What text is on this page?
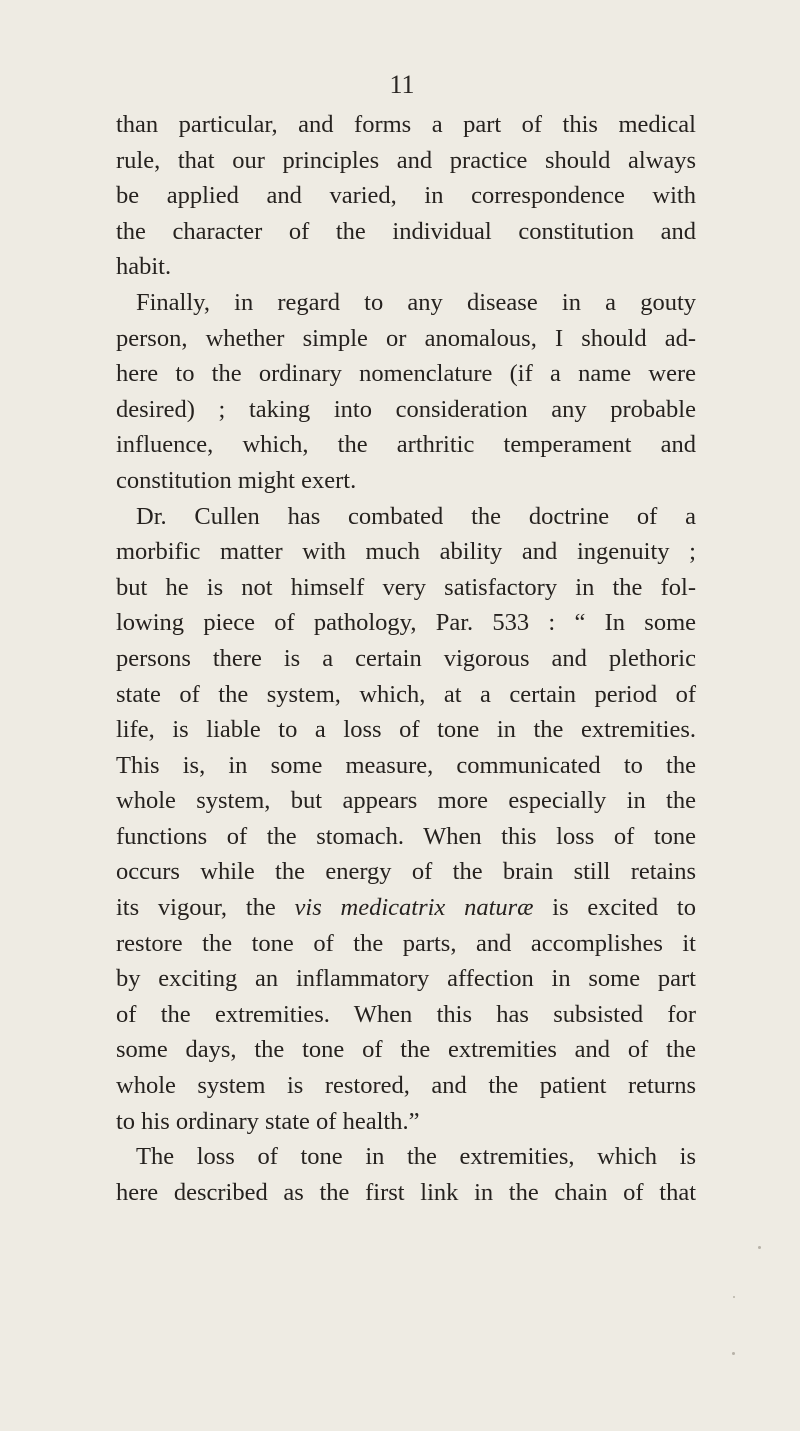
11
than particular, and forms a part of this medical
rule, that our principles and practice should always
be applied and varied, in correspondence with
the character of the individual constitution and
habit.
Finally, in regard to any disease in a gouty
person, whether simple or anomalous, I should ad-
here to the ordinary nomenclature (if a name were
desired) ; taking into consideration any probable
influence, which, the arthritic temperament and
constitution might exert.
Dr. Cullen has combated the doctrine of a
morbific matter with much ability and ingenuity ;
but he is not himself very satisfactory in the fol-
lowing piece of pathology, Par. 533 : “ In some
persons there is a certain vigorous and plethoric
state of the system, which, at a certain period of
life, is liable to a loss of tone in the extremities.
This is, in some measure, communicated to the
whole system, but appears more especially in the
functions of the stomach. When this loss of tone
occurs while the energy of the brain still retains
its vigour, the vis medicatrix naturæ is excited to
restore the tone of the parts, and accomplishes it
by exciting an inflammatory affection in some part
of the extremities. When this has subsisted for
some days, the tone of the extremities and of the
whole system is restored, and the patient returns
to his ordinary state of health.”
The loss of tone in the extremities, which is
here described as the first link in the chain of that
